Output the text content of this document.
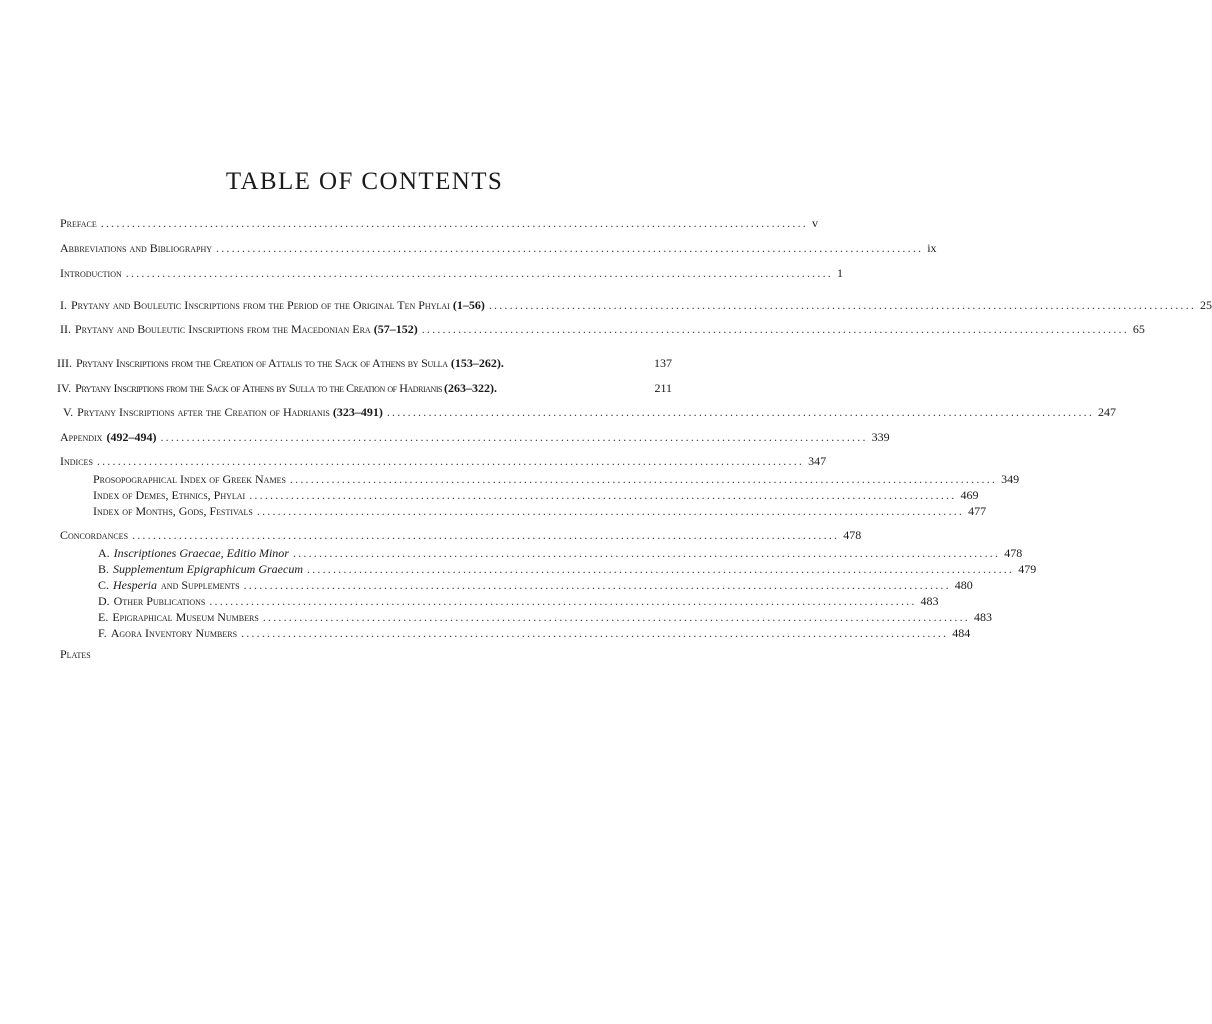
TABLE OF CONTENTS
Preface ........................................................................................................................................ v
Abbreviations and Bibliography ........................................................................................................................................ ix
Introduction ........................................................................................................................................ 1
I. Prytany and Bouleutic Inscriptions from the Period of the Original Ten Phylai (1–56) ........................................................................................................................................ 25
II. Prytany and Bouleutic Inscriptions from the Macedonian Era (57–152) ........................................................................................................................................ 65
III. Prytany Inscriptions from the Creation of Attalis to the Sack of Athens by Sulla (153–262).	137
IV. Prytany Inscriptions from the Sack of Athens by Sulla to the Creation of Hadrianis (263–322).	211
V. Prytany Inscriptions after the Creation of Hadrianis (323–491) ........................................................................................................................................ 247
Appendix (492–494) ........................................................................................................................................ 339
Indices ........................................................................................................................................ 347
Prosopographical Index of Greek Names ........................................................................................................................................ 349
Index of Demes, Ethnics, Phylai ........................................................................................................................................ 469
Index of Months, Gods, Festivals ........................................................................................................................................ 477
Concordances ........................................................................................................................................ 478
A. Inscriptiones Graecae, Editio Minor ........................................................................................................................................ 478
B. Supplementum Epigraphicum Graecum ........................................................................................................................................ 479
C. Hesperia and Supplements ........................................................................................................................................ 480
D. Other Publications ........................................................................................................................................ 483
E. Epigraphical Museum Numbers ........................................................................................................................................ 483
F. Agora Inventory Numbers ........................................................................................................................................ 484
Plates
